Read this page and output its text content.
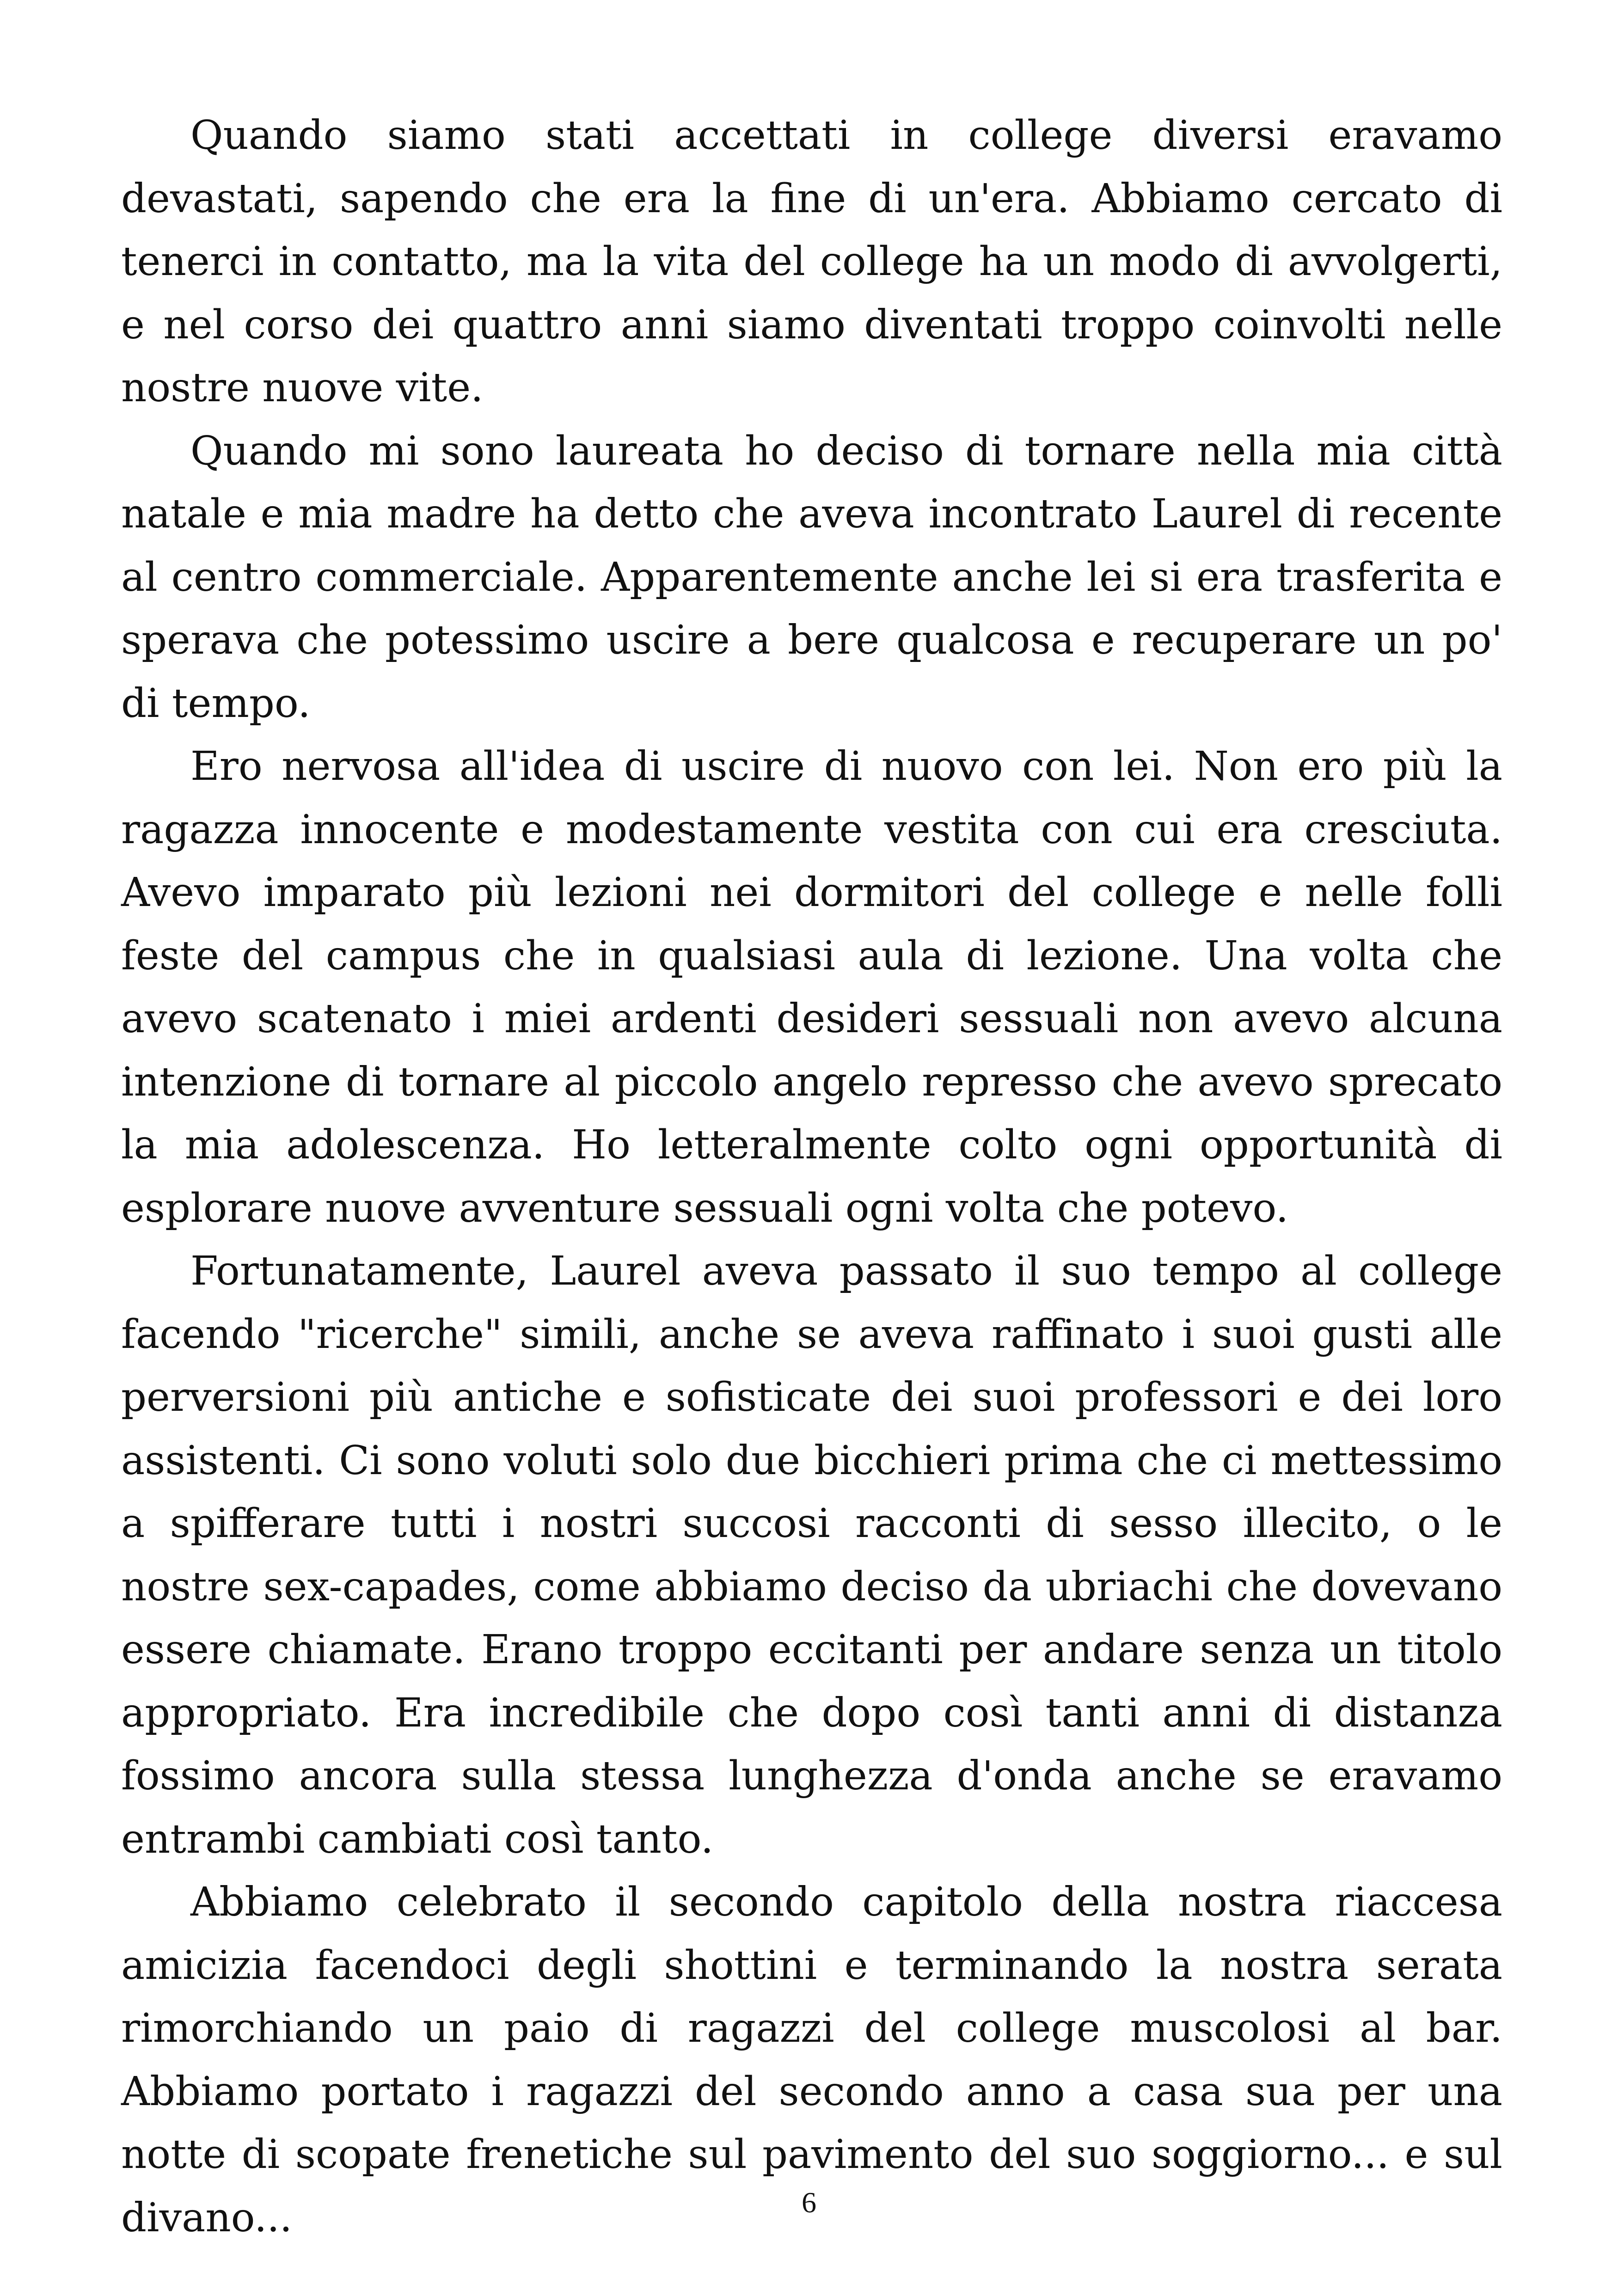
Quando siamo stati accettati in college diversi eravamo devastati, sapendo che era la fine di un'era. Abbiamo cercato di tenerci in contatto, ma la vita del college ha un modo di avvolgerti, e nel corso dei quattro anni siamo diventati troppo coinvolti nelle nostre nuove vite.

Quando mi sono laureata ho deciso di tornare nella mia città natale e mia madre ha detto che aveva incontrato Laurel di recente al centro commerciale. Apparentemente anche lei si era trasferita e sperava che potessimo uscire a bere qualcosa e recuperare un po' di tempo.

Ero nervosa all'idea di uscire di nuovo con lei. Non ero più la ragazza innocente e modestamente vestita con cui era cresciuta. Avevo imparato più lezioni nei dormitori del college e nelle folli feste del campus che in qualsiasi aula di lezione. Una volta che avevo scatenato i miei ardenti desideri sessuali non avevo alcuna intenzione di tornare al piccolo angelo represso che avevo sprecato la mia adolescenza. Ho letteralmente colto ogni opportunità di esplorare nuove avventure sessuali ogni volta che potevo.

Fortunatamente, Laurel aveva passato il suo tempo al college facendo "ricerche" simili, anche se aveva raffinato i suoi gusti alle perversioni più antiche e sofisticate dei suoi professori e dei loro assistenti. Ci sono voluti solo due bicchieri prima che ci mettessimo a spifferare tutti i nostri succosi racconti di sesso illecito, o le nostre sex-capades, come abbiamo deciso da ubriachi che dovevano essere chiamate. Erano troppo eccitanti per andare senza un titolo appropriato. Era incredibile che dopo così tanti anni di distanza fossimo ancora sulla stessa lunghezza d'onda anche se eravamo entrambi cambiati così tanto.

Abbiamo celebrato il secondo capitolo della nostra riaccesa amicizia facendoci degli shottini e terminando la nostra serata rimorchiando un paio di ragazzi del college muscolosi al bar. Abbiamo portato i ragazzi del secondo anno a casa sua per una notte di scopate frenetiche sul pavimento del suo soggiorno... e sul divano...	6
